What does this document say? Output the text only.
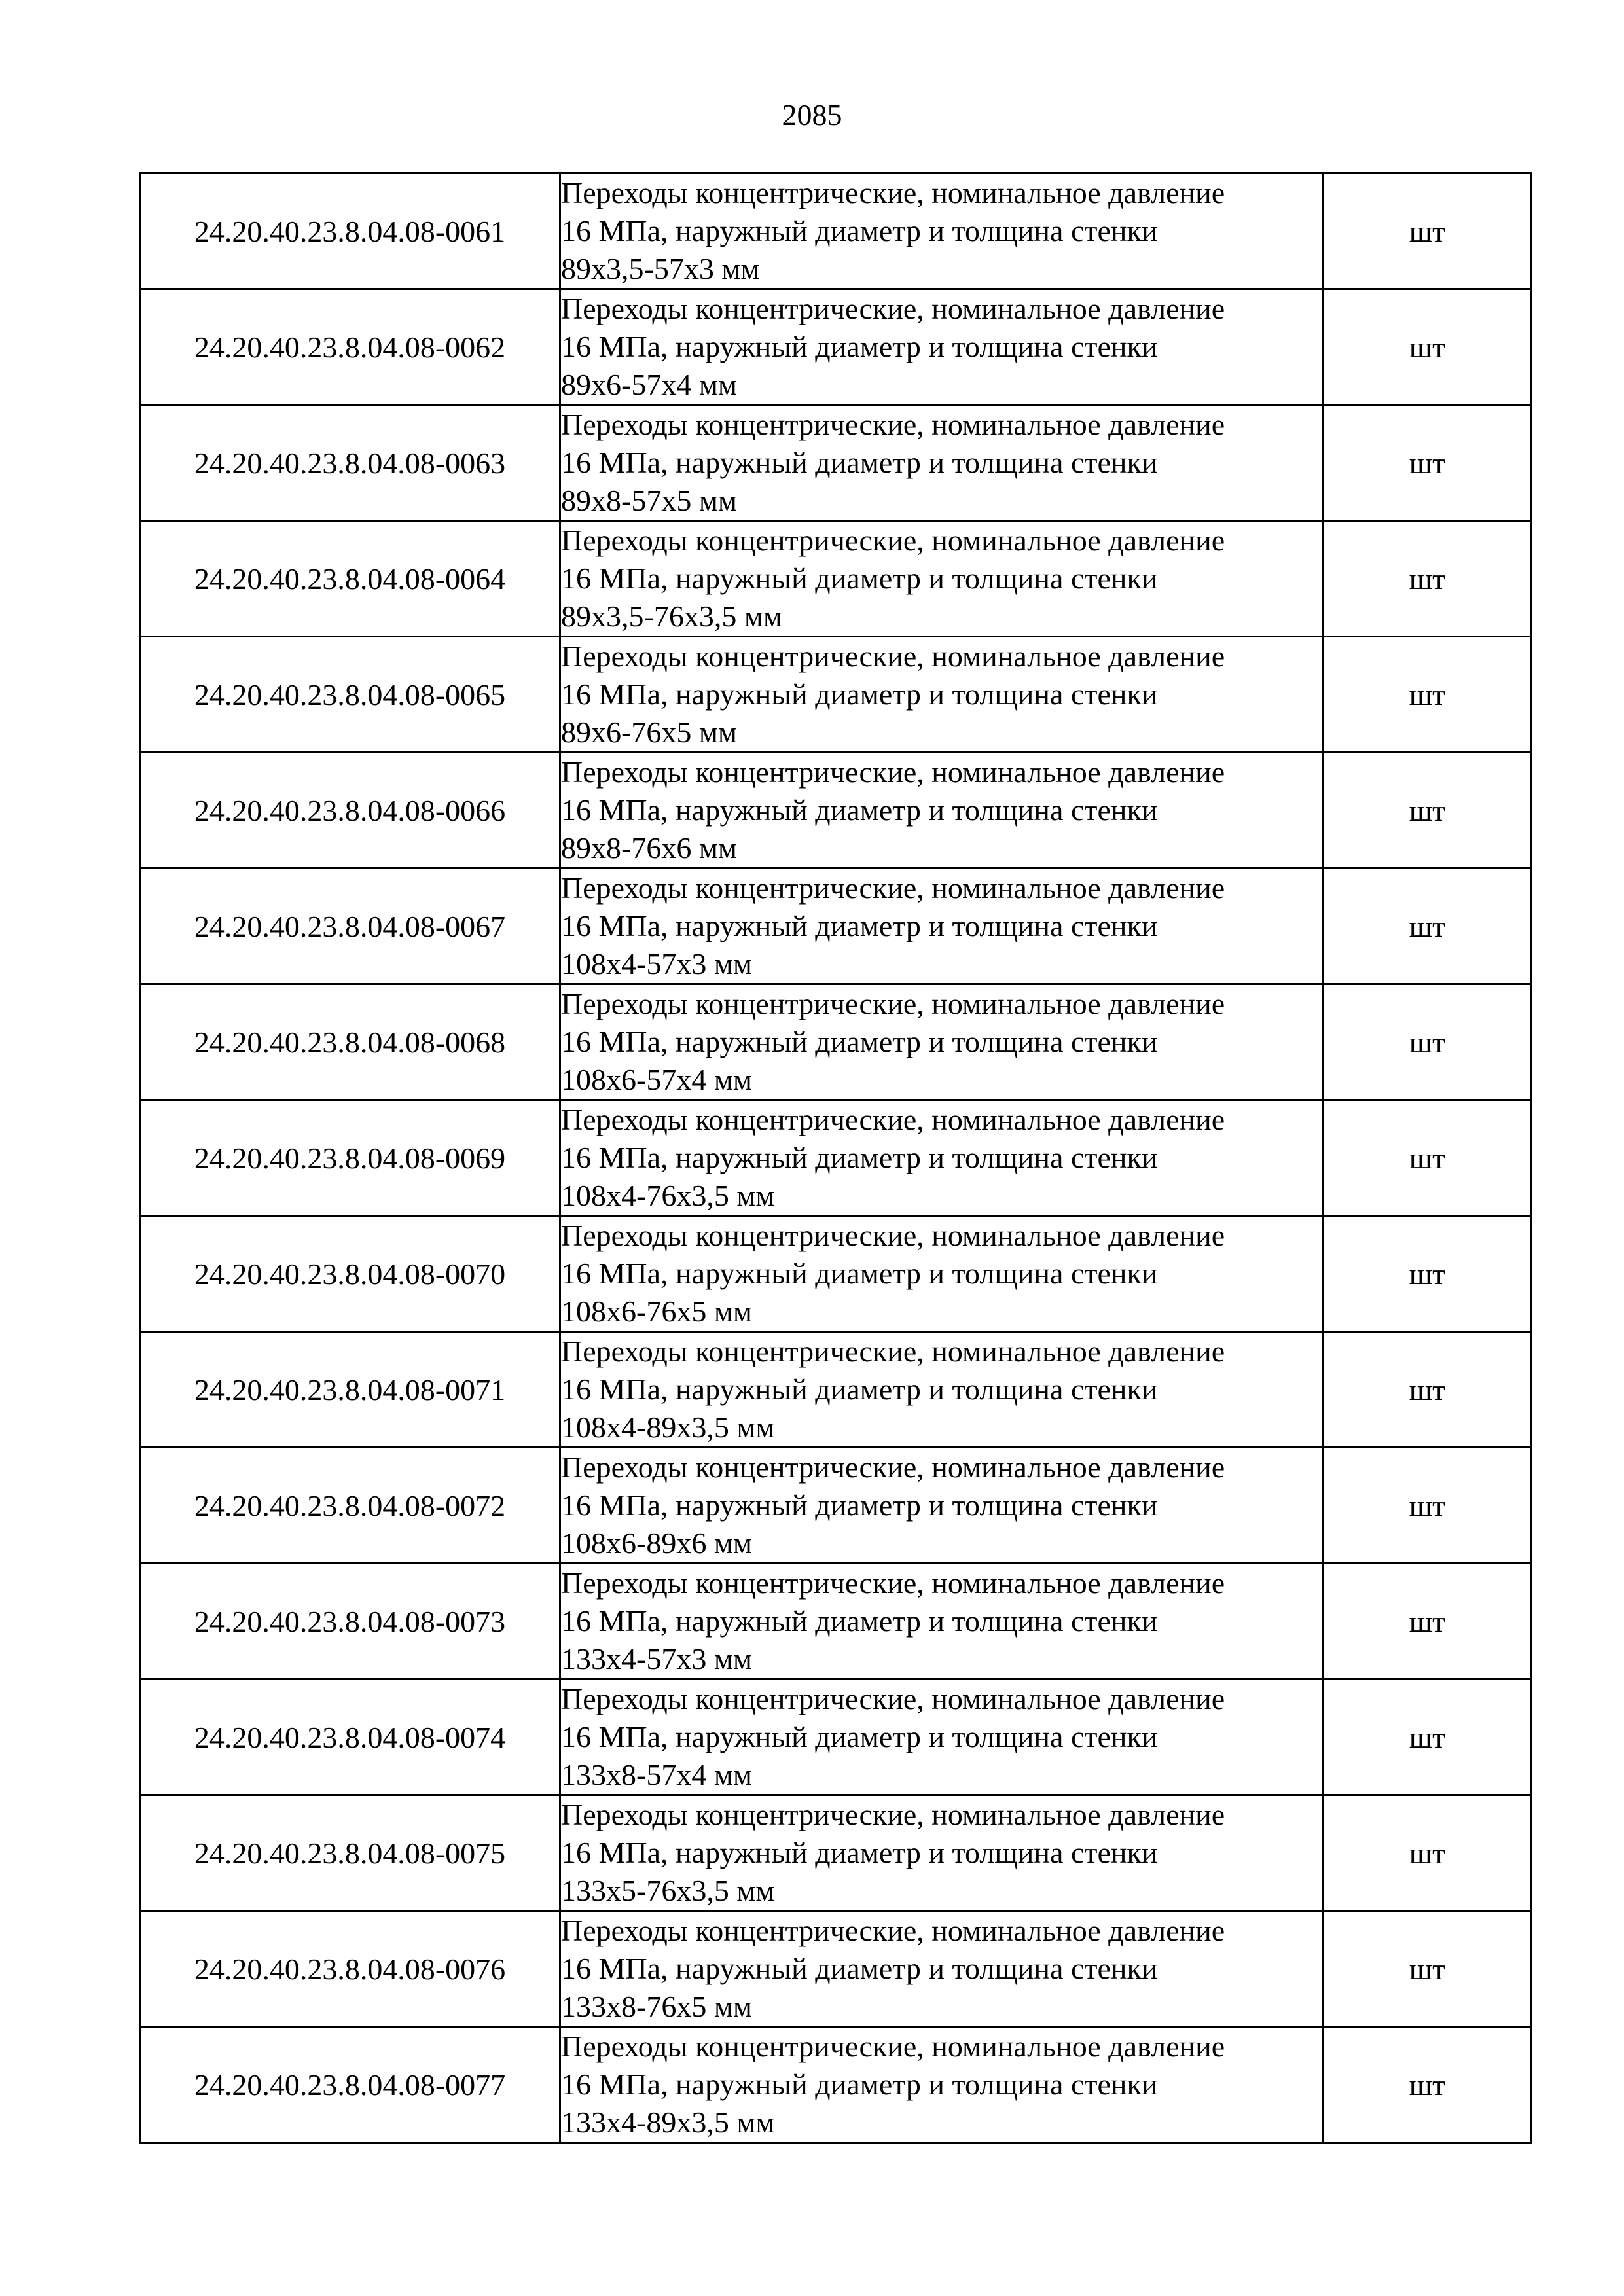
2085
24.20.40.23.8.04.08-0061	Переходы концентрические, номинальное давление
16 МПа, наружный диаметр и толщина стенки
89х3,5-57х3 мм	шт
24.20.40.23.8.04.08-0062	Переходы концентрические, номинальное давление
16 МПа, наружный диаметр и толщина стенки
89х6-57х4 мм	шт
24.20.40.23.8.04.08-0063	Переходы концентрические, номинальное давление
16 МПа, наружный диаметр и толщина стенки
89х8-57х5 мм	шт
24.20.40.23.8.04.08-0064	Переходы концентрические, номинальное давление
16 МПа, наружный диаметр и толщина стенки
89х3,5-76х3,5 мм	шт
24.20.40.23.8.04.08-0065	Переходы концентрические, номинальное давление
16 МПа, наружный диаметр и толщина стенки
89х6-76х5 мм	шт
24.20.40.23.8.04.08-0066	Переходы концентрические, номинальное давление
16 МПа, наружный диаметр и толщина стенки
89х8-76х6 мм	шт
24.20.40.23.8.04.08-0067	Переходы концентрические, номинальное давление
16 МПа, наружный диаметр и толщина стенки
108х4-57х3 мм	шт
24.20.40.23.8.04.08-0068	Переходы концентрические, номинальное давление
16 МПа, наружный диаметр и толщина стенки
108х6-57х4 мм	шт
24.20.40.23.8.04.08-0069	Переходы концентрические, номинальное давление
16 МПа, наружный диаметр и толщина стенки
108х4-76х3,5 мм	шт
24.20.40.23.8.04.08-0070	Переходы концентрические, номинальное давление
16 МПа, наружный диаметр и толщина стенки
108х6-76х5 мм	шт
24.20.40.23.8.04.08-0071	Переходы концентрические, номинальное давление
16 МПа, наружный диаметр и толщина стенки
108х4-89х3,5 мм	шт
24.20.40.23.8.04.08-0072	Переходы концентрические, номинальное давление
16 МПа, наружный диаметр и толщина стенки
108х6-89х6 мм	шт
24.20.40.23.8.04.08-0073	Переходы концентрические, номинальное давление
16 МПа, наружный диаметр и толщина стенки
133х4-57х3 мм	шт
24.20.40.23.8.04.08-0074	Переходы концентрические, номинальное давление
16 МПа, наружный диаметр и толщина стенки
133х8-57х4 мм	шт
24.20.40.23.8.04.08-0075	Переходы концентрические, номинальное давление
16 МПа, наружный диаметр и толщина стенки
133х5-76х3,5 мм	шт
24.20.40.23.8.04.08-0076	Переходы концентрические, номинальное давление
16 МПа, наружный диаметр и толщина стенки
133х8-76х5 мм	шт
24.20.40.23.8.04.08-0077	Переходы концентрические, номинальное давление
16 МПа, наружный диаметр и толщина стенки
133х4-89х3,5 мм	шт
